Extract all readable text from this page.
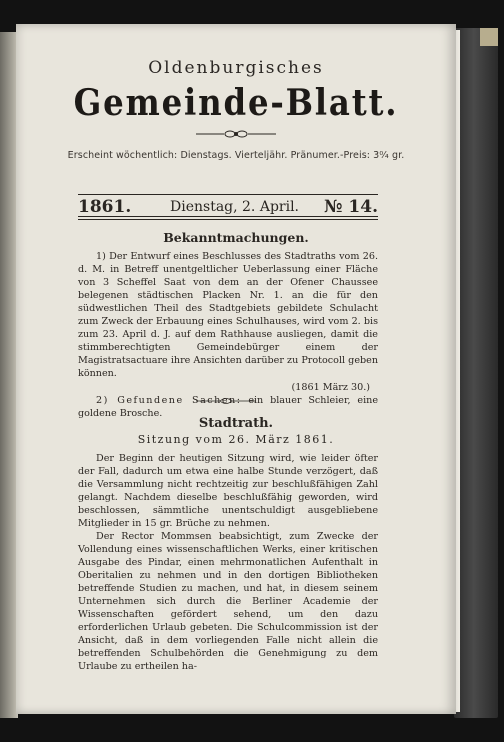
Oldenburgisches
Gemeinde-Blatt.
Erscheint wöchentlich: Dienstags. Vierteljähr. Pränumer.-Preis: 3⁰⁄₄ gr.
1861.	Dienstag, 2. April. № 14.
Bekanntmachungen.

1) Der Entwurf eines Beschlusses des Stadtraths vom 26. d. M. in Betreff unentgeltlicher Ueberlassung einer Fläche von 3 Scheffel Saat von dem an der Ofener Chaussee belegenen städtischen Placken Nr. 1. an die für den südwestlichen Theil des Stadtgebiets gebildete Schulacht zum Zweck der Erbauung eines Schulhauses, wird vom 2. bis zum 23. April d. J. auf dem Rathhause ausliegen, damit die stimmberechtigten Gemeindebürger einem der Magistratsactuare ihre Ansichten darüber zu Protocoll geben können.

(1861 März 30.)

2) Gefundene Sachen: ein blauer Schleier, eine goldene Brosche.

Stadtrath.
Sitzung vom 26. März 1861.

Der Beginn der heutigen Sitzung wird, wie leider öfter der Fall, dadurch um etwa eine halbe Stunde verzögert, daß die Versammlung nicht rechtzeitig zur beschlußfähigen Zahl gelangt. Nachdem dieselbe beschlußfähig geworden, wird beschlossen, sämmtliche unentschuldigt ausgebliebene Mitglieder in 15 gr. Brüche zu nehmen.

Der Rector Mommsen beabsichtigt, zum Zwecke der Vollendung eines wissenschaftlichen Werks, einer kritischen Ausgabe des Pindar, einen mehrmonatlichen Aufenthalt in Oberitalien zu nehmen und in den dortigen Bibliotheken betreffende Studien zu machen, und hat, in diesem seinem Unternehmen sich durch die Berliner Academie der Wissenschaften gefördert sehend, um den dazu erforderlichen Urlaub gebeten. Die Schulcommission ist der Ansicht, daß in dem vorliegenden Falle nicht allein die betreffenden Schulbehörden die Genehmigung zu dem Urlaube zu ertheilen ha-
